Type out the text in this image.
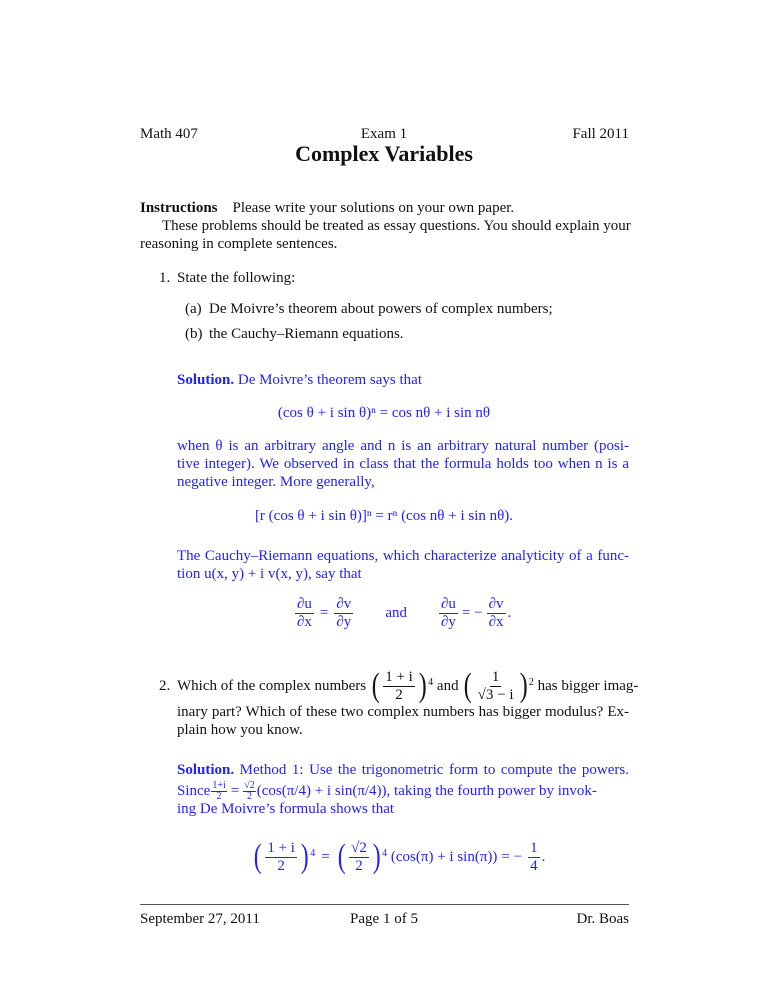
Math 407	Exam 1	Fall 2011
Complex Variables
Instructions Please write your solutions on your own paper.
These problems should be treated as essay questions. You should explain your
reasoning in complete sentences.
1. State the following:
(a) De Moivre’s theorem about powers of complex numbers;
(b) the Cauchy–Riemann equations.
Solution. De Moivre’s theorem says that
(cos θ + i sin θ)ⁿ = cos nθ + i sin nθ
when θ is an arbitrary angle and n is an arbitrary natural number (posi-
tive integer). We observed in class that the formula holds too when n is a
negative integer. More generally,
[r (cos θ + i sin θ)]ⁿ = rⁿ (cos nθ + i sin nθ).
The Cauchy–Riemann equations, which characterize analyticity of a func-
tion u(x, y) + i v(x, y), say that
$\frac{\partial u}{\partial x} = \frac{\partial v}{\partial y}$ and $\frac{\partial u}{\partial y}$ = − $\frac{\partial v}{\partial x}$ .
2. Which of the complex numbers
( $\frac{1 + i}{2} )^4$
and
( $\frac{1}{√3 - i} )^2$
has bigger imag-
inary part? Which of these two complex numbers has bigger modulus? Ex-
plain how you know.
Solution. Method 1: Use the trigonometric form to compute the powers.
Since $\frac{1+i}{2} = \frac{√2}{2} (\cos(\pi/4) + i$ sin(π/4)), taking the fourth power by invok-
ing De Moivre’s formula shows that
( $\frac{1 + i}{2} )^4$ = ( $\frac{√2}{2} )^4$
(cos(π) + i sin(π)) = − $\frac{1}{4}$ .
September 27, 2011	Page 1 of 5	Dr. Boas
